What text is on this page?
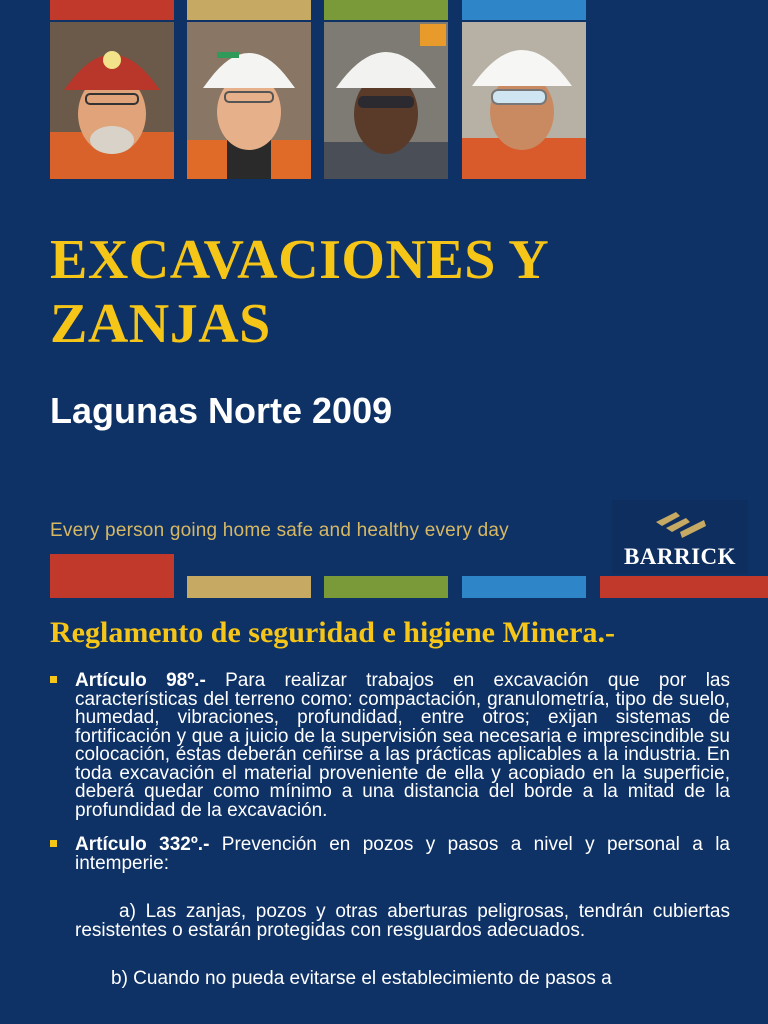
EXCAVACIONES Y
ZANJAS
Lagunas Norte 2009
Every person going home safe and healthy every day
BARRICK
Reglamento de seguridad e higiene Minera.-

Artículo 98º.- Para realizar trabajos en excavación que por las características del terreno como: compactación, granulometría, tipo de suelo, humedad, vibraciones, profundidad, entre otros; exijan sistemas de fortificación y que a juicio de la supervisión sea necesaria e imprescindible su colocación, éstas deberán ceñirse a las prácticas aplicables a la industria. En toda excavación el material proveniente de ella y acopiado en la superficie, deberá quedar como mínimo a una distancia del borde a la mitad de la profundidad de la excavación.

Artículo 332º.- Prevención en pozos y pasos a nivel y personal a la intemperie:

a) Las zanjas, pozos y otras aberturas peligrosas, tendrán cubiertas resistentes o estarán protegidas con resguardos adecuados.

b) Cuando no pueda evitarse el establecimiento de pasos a
